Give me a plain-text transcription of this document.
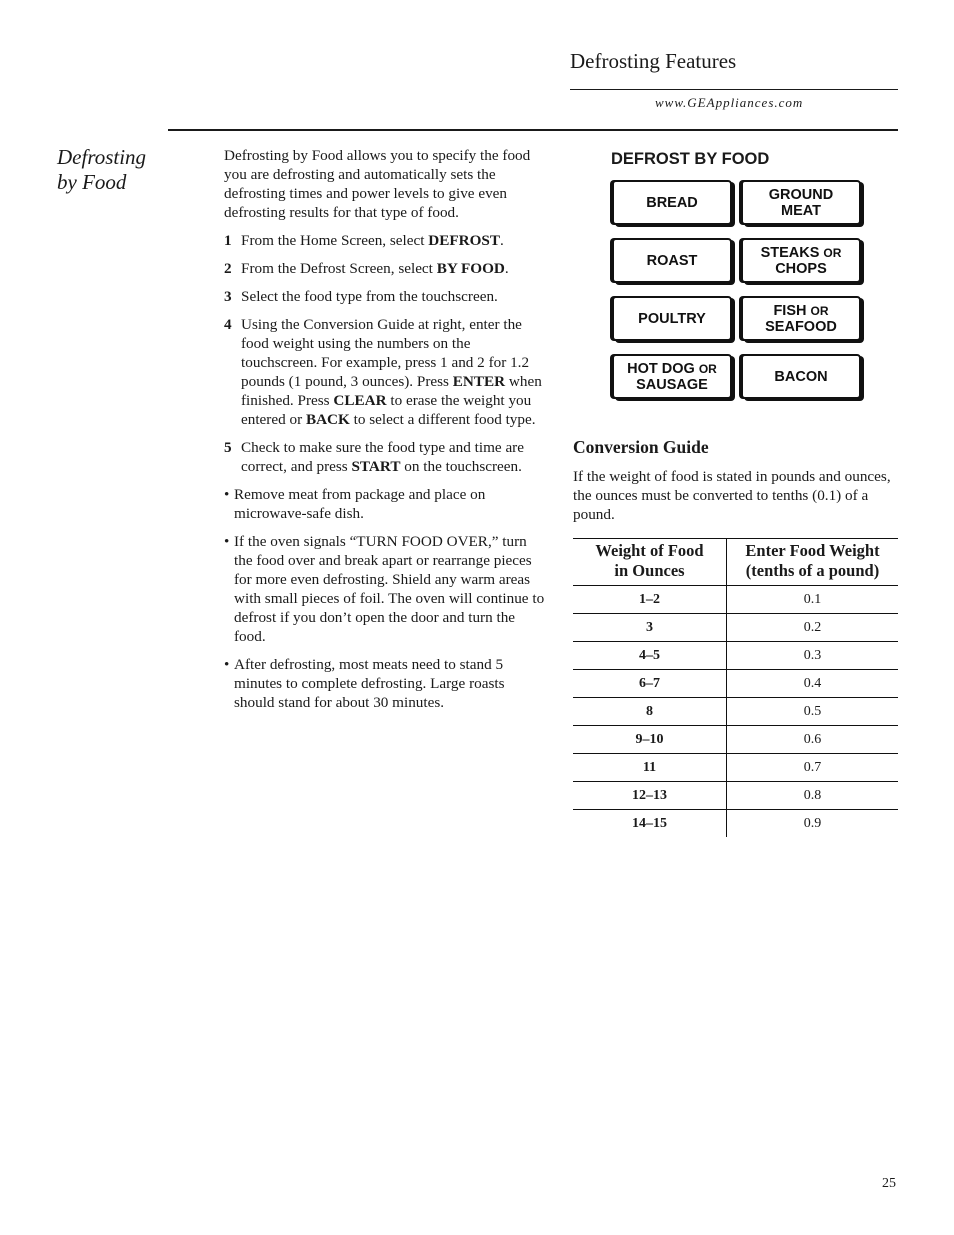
Defrosting Features
www.GEAppliances.com
Defrosting
by Food

Defrosting by Food allows you to specify the food you are defrosting and automatically sets the defrosting times and power levels to give even defrosting results for that type of food.

1 From the Home Screen, select DEFROST.
2 From the Defrost Screen, select BY FOOD.
3 Select the food type from the touchscreen.
4 Using the Conversion Guide at right, enter the food weight using the numbers on the touchscreen. For example, press 1 and 2 for 1.2 pounds (1 pound, 3 ounces). Press ENTER when finished. Press CLEAR to erase the weight you entered or BACK to select a different food type.
5 Check to make sure the food type and time are correct, and press START on the touchscreen.
• Remove meat from package and place on microwave-safe dish.
• If the oven signals “TURN FOOD OVER,” turn the food over and break apart or rearrange pieces for more even defrosting. Shield any warm areas with small pieces of foil. The oven will continue to defrost if you don’t open the door and turn the food.
• After defrosting, most meats need to stand 5 minutes to complete defrosting. Large roasts should stand for about 30 minutes.
DEFROST BY FOOD
BREAD	GROUND
MEAT
ROAST	STEAKS OR
CHOPS
POULTRY	FISH OR
SEAFOOD
HOT DOG OR
SAUSAGE	BACON
Conversion Guide
If the weight of food is stated in pounds and ounces, the ounces must be converted to tenths (0.1) of a pound.
Weight of Food
in Ounces	Enter Food Weight
(tenths of a pound)
1–2	0.1
3	0.2
4–5	0.3
6–7	0.4
8	0.5
9–10	0.6
11	0.7
12–13	0.8
14–15	0.9
25
